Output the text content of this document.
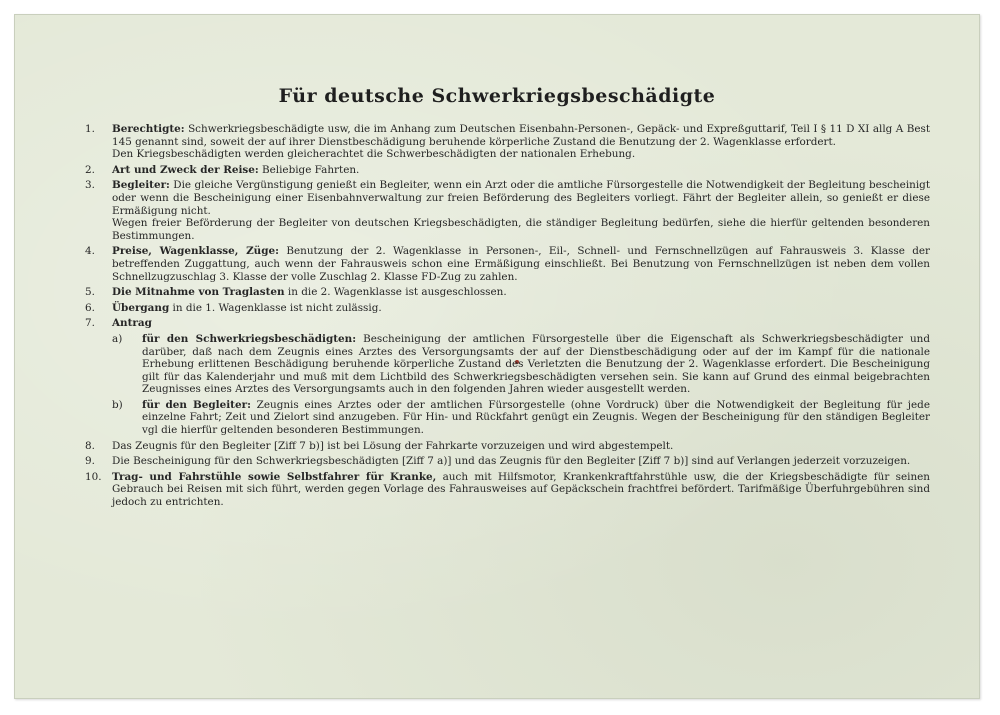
Für deutsche Schwerkriegsbeschädigte
1.	Berechtigte: Schwerkriegsbeschädigte usw, die im Anhang zum Deutschen Eisenbahn-Personen-, Gepäck- und Expreßguttarif, Teil I § 11 D XI allg A Best 145 genannt sind, soweit der auf ihrer Dienstbeschädigung beruhende körperliche Zustand die Benutzung der 2. Wagenklasse erfordert.
Den Kriegsbeschädigten werden gleicherachtet die Schwerbeschädigten der nationalen Erhebung.
2.	Art und Zweck der Reise: Beliebige Fahrten.
3.	Begleiter: Die gleiche Vergünstigung genießt ein Begleiter, wenn ein Arzt oder die amtliche Fürsorgestelle die Notwendigkeit der Begleitung bescheinigt oder wenn die Bescheinigung einer Eisenbahnverwaltung zur freien Beförderung des Begleiters vorliegt. Fährt der Begleiter allein, so genießt er diese Ermäßigung nicht.
Wegen freier Beförderung der Begleiter von deutschen Kriegsbeschädigten, die ständiger Begleitung bedürfen, siehe die hierfür geltenden besonderen Bestimmungen.
4.	Preise, Wagenklasse, Züge: Benutzung der 2. Wagenklasse in Personen-, Eil-, Schnell- und Fernschnellzügen auf Fahrausweis 3. Klasse der betreffenden Zuggattung, auch wenn der Fahrausweis schon eine Ermäßigung einschließt. Bei Benutzung von Fernschnellzügen ist neben dem vollen Schnellzugzuschlag 3. Klasse der volle Zuschlag 2. Klasse FD-Zug zu zahlen.
5.	Die Mitnahme von Traglasten in die 2. Wagenklasse ist ausgeschlossen.
6.	Übergang in die 1. Wagenklasse ist nicht zulässig.
7.	Antrag
a)	für den Schwerkriegsbeschädigten: Bescheinigung der amtlichen Fürsorgestelle über die Eigenschaft als Schwerkriegsbeschädigter und darüber, daß nach dem Zeugnis eines Arztes des Versorgungsamts der auf der Dienstbeschädigung oder auf der im Kampf für die nationale Erhebung erlittenen Beschädigung beruhende körperliche Zustand des Verletzten die Benutzung der 2. Wagenklasse erfordert. Die Bescheinigung gilt für das Kalenderjahr und muß mit dem Lichtbild des Schwerkriegsbeschädigten versehen sein. Sie kann auf Grund des einmal beigebrachten Zeugnisses eines Arztes des Versorgungsamts auch in den folgenden Jahren wieder ausgestellt werden.
b)	für den Begleiter: Zeugnis eines Arztes oder der amtlichen Fürsorgestelle (ohne Vordruck) über die Notwendigkeit der Begleitung für jede einzelne Fahrt; Zeit und Zielort sind anzugeben. Für Hin- und Rückfahrt genügt ein Zeugnis. Wegen der Bescheinigung für den ständigen Begleiter vgl die hierfür geltenden besonderen Bestimmungen.
8.	Das Zeugnis für den Begleiter [Ziff 7 b)] ist bei Lösung der Fahrkarte vorzuzeigen und wird abgestempelt.
9.	Die Bescheinigung für den Schwerkriegsbeschädigten [Ziff 7 a)] und das Zeugnis für den Begleiter [Ziff 7 b)] sind auf Verlangen jederzeit vorzuzeigen.
10.	Trag- und Fahrstühle sowie Selbstfahrer für Kranke, auch mit Hilfsmotor, Krankenkraftfahrstühle usw, die der Kriegsbeschädigte für seinen Gebrauch bei Reisen mit sich führt, werden gegen Vorlage des Fahrausweises auf Gepäckschein frachtfrei befördert. Tarifmäßige Überfuhrgebühren sind jedoch zu entrichten.
